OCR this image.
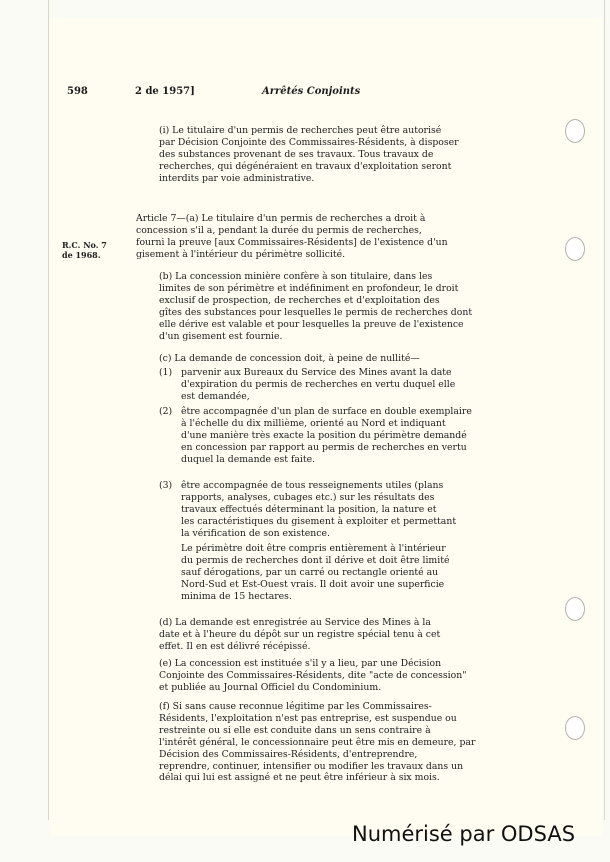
598	2 de 1957]	Arrêtés Conjoints
R.C. No. 7
de 1968.

(i) Le titulaire d'un permis de recherches peut être autorisé
par Décision Conjointe des Commissaires-Résidents, à disposer
des substances provenant de ses travaux. Tous travaux de
recherches, qui dégénéraient en travaux d'exploitation seront
interdits par voie administrative.

Article 7—(a) Le titulaire d'un permis de recherches a droit à
concession s'il a, pendant la durée du permis de recherches,
fourni la preuve [aux Commissaires-Résidents] de l'existence d'un
gisement à l'intérieur du périmètre sollicité.

(b) La concession minière confère à son titulaire, dans les
limites de son périmètre et indéfiniment en profondeur, le droit
exclusif de prospection, de recherches et d'exploitation des
gîtes des substances pour lesquelles le permis de recherches dont
elle dérive est valable et pour lesquelles la preuve de l'existence
d'un gisement est fournie.

(c) La demande de concession doit, à peine de nullité—

(1) parvenir aux Bureaux du Service des Mines avant la date
d'expiration du permis de recherches en vertu duquel elle
est demandée,

(2) être accompagnée d'un plan de surface en double exemplaire
à l'échelle du dix millième, orienté au Nord et indiquant
d'une manière très exacte la position du périmètre demandé
en concession par rapport au permis de recherches en vertu
duquel la demande est faite.

(3) être accompagnée de tous resseignements utiles (plans
rapports, analyses, cubages etc.) sur les résultats des
travaux effectués déterminant la position, la nature et
les caractéristiques du gisement à exploiter et permettant
la vérification de son existence.

Le périmètre doit être compris entièrement à l'intérieur
du permis de recherches dont il dérive et doit être limité
sauf dérogations, par un carré ou rectangle orienté au
Nord-Sud et Est-Ouest vrais. Il doit avoir une superficie
minima de 15 hectares.

(d) La demande est enregistrée au Service des Mines à la
date et à l'heure du dépôt sur un registre spécial tenu à cet
effet. Il en est délivré récépissé.

(e) La concession est instituée s'il y a lieu, par une Décision
Conjointe des Commissaires-Résidents, dite "acte de concession"
et publiée au Journal Officiel du Condominium.

(f) Si sans cause reconnue légitime par les Commissaires-
Résidents, l'exploitation n'est pas entreprise, est suspendue ou
restreinte ou si elle est conduite dans un sens contraire à
l'intérêt général, le concessionnaire peut être mis en demeure, par
Décision des Commissaires-Résidents, d'entreprendre,
reprendre, continuer, intensifier ou modifier les travaux dans un
délai qui lui est assigné et ne peut être inférieur à six mois.

Numérisé par ODSAS
